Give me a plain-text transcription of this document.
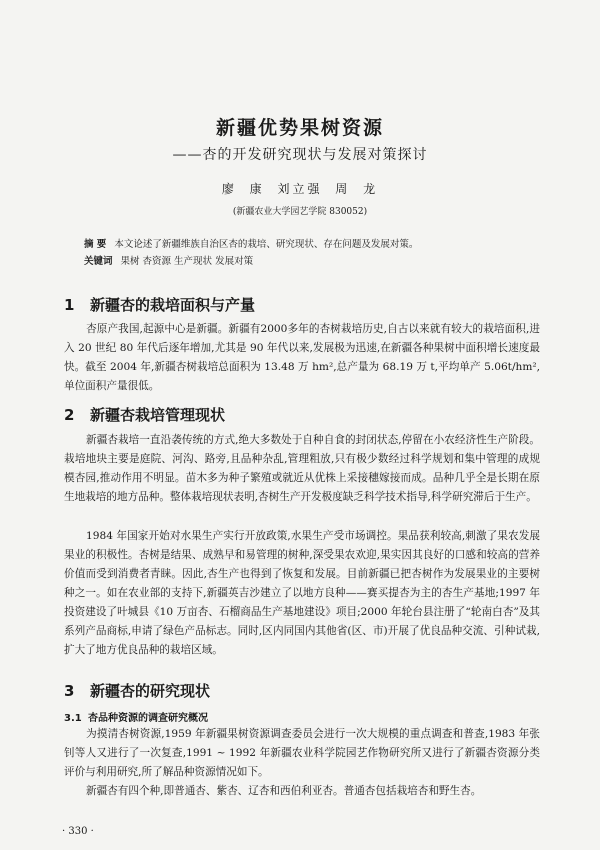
新疆优势果树资源
——杏的开发研究现状与发展对策探讨
廖 康 刘立强 周 龙
(新疆农业大学园艺学院 830052)
摘 要 本文论述了新疆维族自治区杏的栽培、研究现状、存在问题及发展对策。
关键词 果树 杏资源 生产现状 发展对策
1 新疆杏的栽培面积与产量

杏原产我国,起源中心是新疆。新疆有2000多年的杏树栽培历史,自古以来就有较大的栽培面积,进入 20 世纪 80 年代后逐年增加,尤其是 90 年代以来,发展极为迅速,在新疆各种果树中面积增长速度最快。截至 2004 年,新疆杏树栽培总面积为 13.48 万 hm²,总产量为 68.19 万 t,平均单产 5.06t/hm²,单位面积产量很低。

2 新疆杏栽培管理现状

新疆杏栽培一直沿袭传统的方式,绝大多数处于自种自食的封闭状态,停留在小农经济性生产阶段。栽培地块主要是庭院、河沟、路旁,且品种杂乱,管理粗放,只有极少数经过科学规划和集中管理的成规模杏园,推动作用不明显。苗木多为种子繁殖或就近从优株上采接穗嫁接而成。品种几乎全是长期在原生地栽培的地方品种。整体栽培现状表明,杏树生产开发极度缺乏科学技术指导,科学研究滞后于生产。

1984 年国家开始对水果生产实行开放政策,水果生产受市场调控。果品获利较高,刺激了果农发展果业的积极性。杏树是结果、成熟早和易管理的树种,深受果农欢迎,果实因其良好的口感和较高的营养价值而受到消费者青睐。因此,杏生产也得到了恢复和发展。目前新疆已把杏树作为发展果业的主要树种之一。如在农业部的支持下,新疆英吉沙建立了以地方良种——赛买提杏为主的杏生产基地;1997 年投资建设了叶城县《10 万亩杏、石榴商品生产基地建设》项目;2000 年轮台县注册了“轮南白杏”及其系列产品商标,申请了绿色产品标志。同时,区内同国内其他省(区、市)开展了优良品种交流、引种试栽,扩大了地方优良品种的栽培区域。

3 新疆杏的研究现状
3.1 杏品种资源的调查研究概况

为摸清杏树资源,1959 年新疆果树资源调查委员会进行一次大规模的重点调查和普查,1983 年张钊等人又进行了一次复查,1991 ~ 1992 年新疆农业科学院园艺作物研究所又进行了新疆杏资源分类评价与利用研究,所了解品种资源情况如下。

新疆杏有四个种,即普通杏、紫杏、辽杏和西伯利亚杏。普通杏包括栽培杏和野生杏。

· 330 ·
